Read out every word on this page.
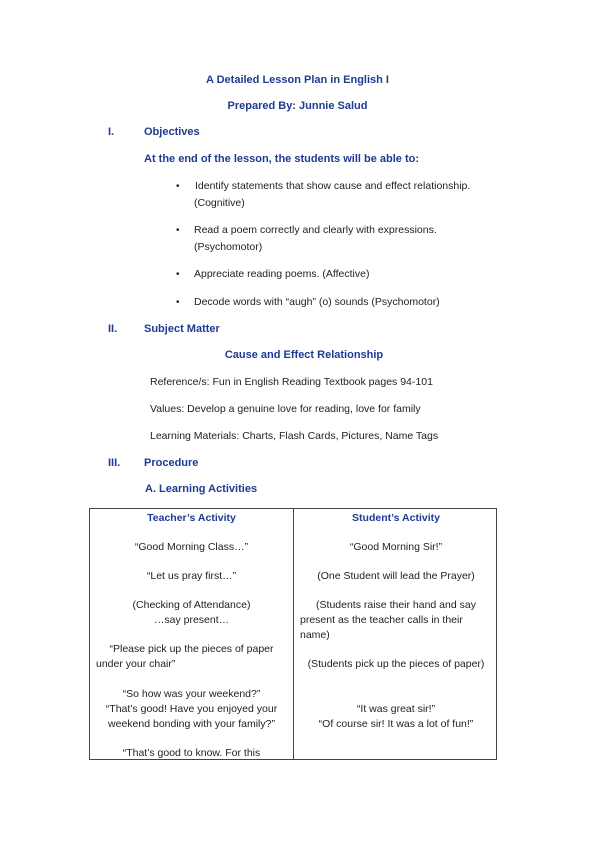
A Detailed Lesson Plan in English I
Prepared By: Junnie Salud
I.	Objectives
At the end of the lesson, the students will be able to:
• Identify statements that show cause and effect relationship.
(Cognitive)
• Read a poem correctly and clearly with expressions.
(Psychomotor)
• Appreciate reading poems. (Affective)
• Decode words with “augh” (o) sounds (Psychomotor)
II. Subject Matter
Cause and Effect Relationship
Reference/s: Fun in English Reading Textbook pages 94-101
Values: Develop a genuine love for reading, love for family
Learning Materials: Charts, Flash Cards, Pictures, Name Tags
III. Procedure
A. Learning Activities
Teacher’s Activity
“Good Morning Class…”
“Let us pray first…”
(Checking of Attendance)
…say present…
“Please pick up the pieces of paper
under your chair”
“So how was your weekend?”
“That’s good! Have you enjoyed your
weekend bonding with your family?”
“That’s good to know. For this
Student’s Activity
“Good Morning Sir!”
(One Student will lead the Prayer)
(Students raise their hand and say
present as the teacher calls in their
name)
(Students pick up the pieces of paper)
“It was great sir!”
“Of course sir! It was a lot of fun!”
